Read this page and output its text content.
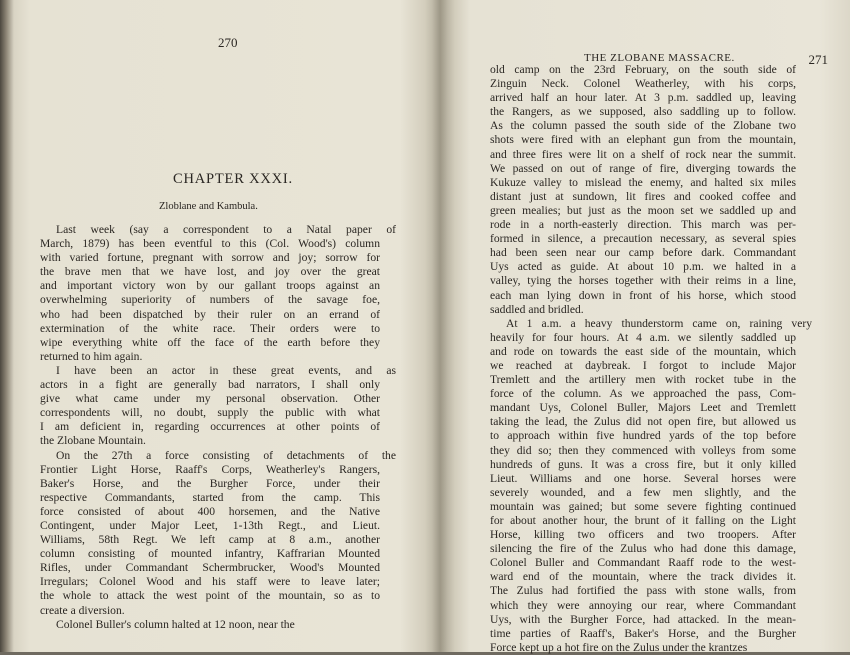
270
CHAPTER XXXI.
Zloblane and Kambula.
Last week (say a correspondent to a Natal paper of
March, 1879) has been eventful to this (Col. Wood's) column
with varied fortune, pregnant with sorrow and joy; sorrow for
the brave men that we have lost, and joy over the great
and important victory won by our gallant troops against an
overwhelming superiority of numbers of the savage foe,
who had been dispatched by their ruler on an errand of
extermination of the white race. Their orders were to
wipe everything white off the face of the earth before they
returned to him again.
I have been an actor in these great events, and as
actors in a fight are generally bad narrators, I shall only
give what came under my personal observation. Other
correspondents will, no doubt, supply the public with what
I am deficient in, regarding occurrences at other points of
the Zlobane Mountain.
On the 27th a force consisting of detachments of the
Frontier Light Horse, Raaff's Corps, Weatherley's Rangers,
Baker's Horse, and the Burgher Force, under their
respective Commandants, started from the camp. This
force consisted of about 400 horsemen, and the Native
Contingent, under Major Leet, 1-13th Regt., and Lieut.
Williams, 58th Regt. We left camp at 8 a.m., another
column consisting of mounted infantry, Kaffrarian Mounted
Rifles, under Commandant Schermbrucker, Wood's Mounted
Irregulars; Colonel Wood and his staff were to leave later;
the whole to attack the west point of the mountain, so as to
create a diversion.
Colonel Buller's column halted at 12 noon, near the
THE ZLOBANE MASSACRE.	271
old camp on the 23rd February, on the south side of
Zinguin Neck. Colonel Weatherley, with his corps,
arrived half an hour later. At 3 p.m. saddled up, leaving
the Rangers, as we supposed, also saddling up to follow.
As the column passed the south side of the Zlobane two
shots were fired with an elephant gun from the mountain,
and three fires were lit on a shelf of rock near the summit.
We passed on out of range of fire, diverging towards the
Kukuze valley to mislead the enemy, and halted six miles
distant just at sundown, lit fires and cooked coffee and
green mealies; but just as the moon set we saddled up and
rode in a north-easterly direction. This march was per-
formed in silence, a precaution necessary, as several spies
had been seen near our camp before dark. Commandant
Uys acted as guide. At about 10 p.m. we halted in a
valley, tying the horses together with their reims in a line,
each man lying down in front of his horse, which stood
saddled and bridled.
At 1 a.m. a heavy thunderstorm came on, raining very
heavily for four hours. At 4 a.m. we silently saddled up
and rode on towards the east side of the mountain, which
we reached at daybreak. I forgot to include Major
Tremlett and the artillery men with rocket tube in the
force of the column. As we approached the pass, Com-
mandant Uys, Colonel Buller, Majors Leet and Tremlett
taking the lead, the Zulus did not open fire, but allowed us
to approach within five hundred yards of the top before
they did so; then they commenced with volleys from some
hundreds of guns. It was a cross fire, but it only killed
Lieut. Williams and one horse. Several horses were
severely wounded, and a few men slightly, and the
mountain was gained; but some severe fighting continued
for about another hour, the brunt of it falling on the Light
Horse, killing two officers and two troopers. After
silencing the fire of the Zulus who had done this damage,
Colonel Buller and Commandant Raaff rode to the west-
ward end of the mountain, where the track divides it.
The Zulus had fortified the pass with stone walls, from
which they were annoying our rear, where Commandant
Uys, with the Burgher Force, had attacked. In the mean-
time parties of Raaff's, Baker's Horse, and the Burgher
Force kept up a hot fire on the Zulus under the krantzes
